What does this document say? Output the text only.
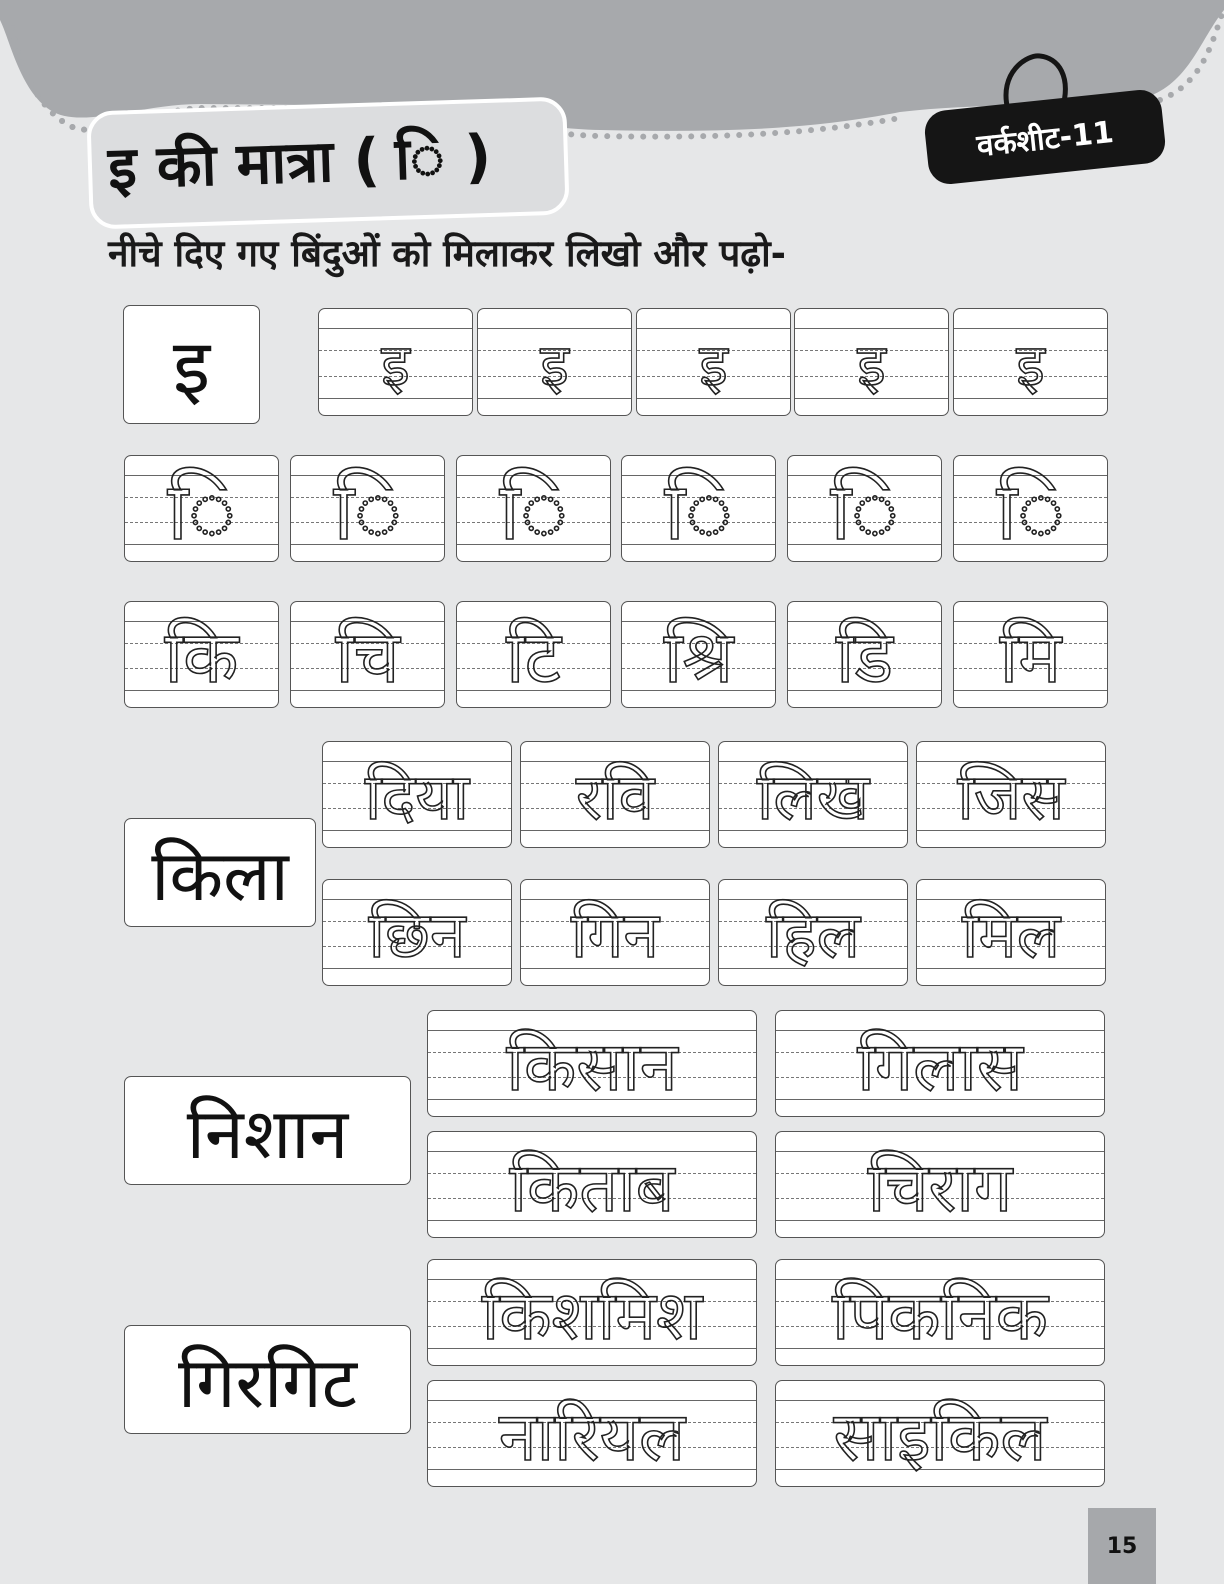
इ की मात्रा ( ि )	वर्कशीट-11
नीचे दिए गए बिंदुओं को मिलाकर लिखो और पढ़ो-
इ	इ	इ	इ	इ	इ
ि	ि	ि	ि	ि	ि
कि	चि	टि	श्रि	डि	मि
दिया	रवि	लिख	जिस
छिन	गिन	हिल	मिल
किसान	गिलास
किताब	चिराग
किशमिश	पिकनिक
नारियल	साइकिल
किला
निशान
गिरगिट
15
